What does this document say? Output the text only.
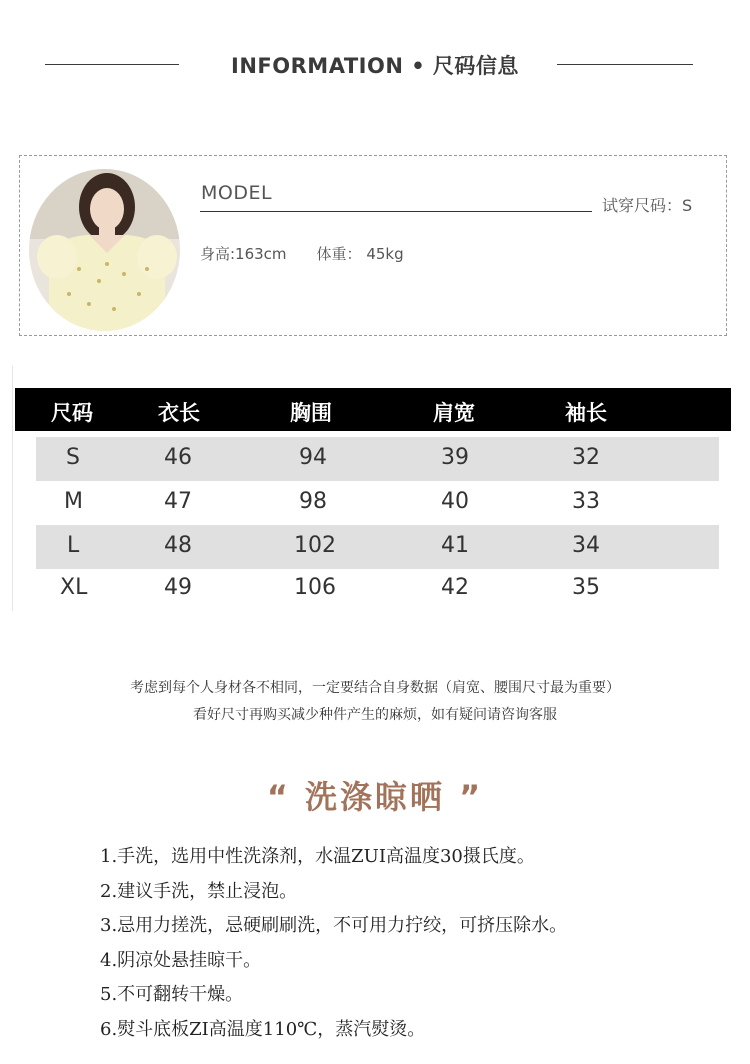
INFORMATION • 尺码信息
MODEL
试穿尺码：S
身高:163cm 体重： 45kg
尺码	衣长	胸围	肩宽	袖长
S	46	94	39	32
M	47	98	40	33
L	48	102	41	34
XL	49	106	42	35
考虑到每个人身材各不相同，一定要结合自身数据（肩宽、腰围尺寸最为重要）
看好尺寸再购买减少种件产生的麻烦，如有疑问请咨询客服
“ 洗涤晾晒 ”
1.手洗，选用中性洗涤剂，水温ZUI高温度30摄氏度。
2.建议手洗，禁止浸泡。
3.忌用力搓洗，忌硬刷刷洗，不可用力拧绞，可挤压除水。
4.阴凉处悬挂晾干。
5.不可翻转干燥。
6.熨斗底板ZI高温度110℃，蒸汽熨烫。
